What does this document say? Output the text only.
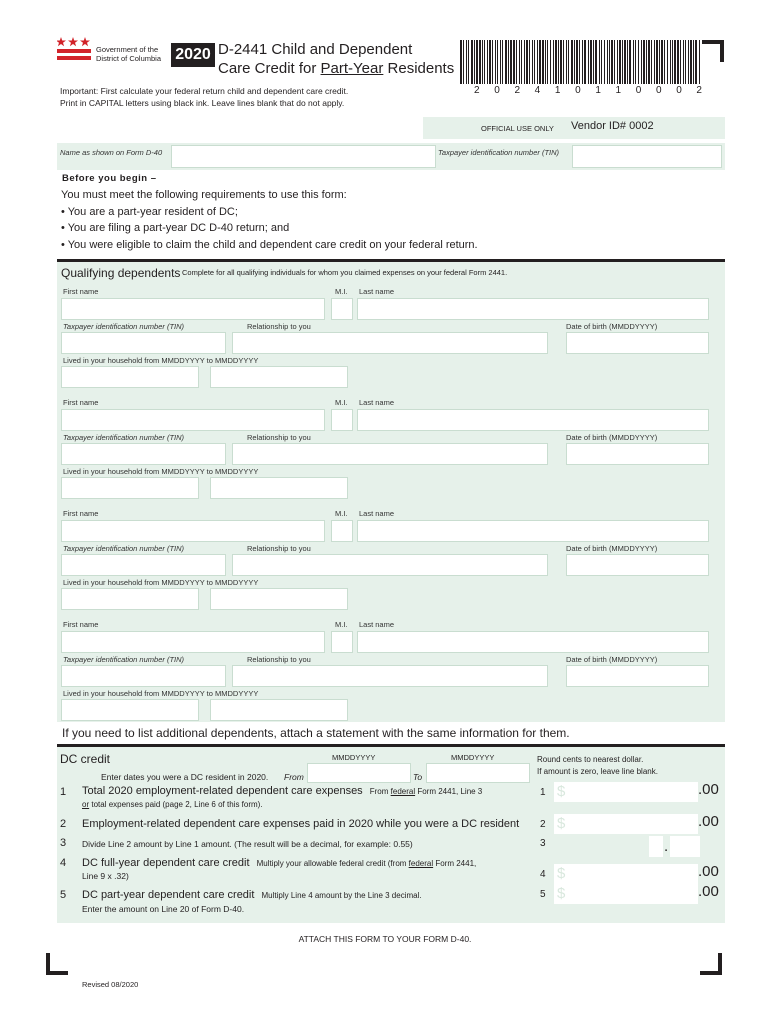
Government of the
District of Columbia 2020 D-2441 Child and Dependent
Care Credit for Part-Year Residents
Important: First calculate your federal return child and dependent care credit.
Print in CAPITAL letters using black ink. Leave lines blank that do not apply.
2 0 2 4 1 0 1 1 0 0 0 2
OFFICIAL USE ONLY Vendor ID# 0002
Name as shown on Form D-40	Taxpayer identification number (TIN)
Before you begin –
You must meet the following requirements to use this form:
• You are a part-year resident of DC;
• You are filing a part-year DC D-40 return; and
• You were eligible to claim the child and dependent care credit on your federal return.
Qualifying dependents Complete for all qualifying individuals for whom you claimed expenses on your federal Form 2441.
First name	M.I. Last name
Taxpayer identification number (TIN)	Relationship to you	Date of birth (MMDDYYYY)
Lived in your household from MMDDYYYY to MMDDYYYY
First name	M.I. Last name
Taxpayer identification number (TIN)	Relationship to you	Date of birth (MMDDYYYY)
Lived in your household from MMDDYYYY to MMDDYYYY
First name	M.I. Last name
Taxpayer identification number (TIN)	Relationship to you	Date of birth (MMDDYYYY)
Lived in your household from MMDDYYYY to MMDDYYYY
First name	M.I. Last name
Taxpayer identification number (TIN)	Relationship to you	Date of birth (MMDDYYYY)
Lived in your household from MMDDYYYY to MMDDYYYY
If you need to list additional dependents, attach a statement with the same information for them.
DC credit	MMDDYYYY	MMDDYYYY	Round cents to nearest dollar.
If amount is zero, leave line blank.
Enter dates you were a DC resident in 2020. From	To
1 Total 2020 employment-related dependent care expenses From federal Form 2441, Line 3
or total expenses paid (page 2, Line 6 of this form).
1 $	.00
2 Employment-related dependent care expenses paid in 2020 while you were a DC resident 2 $	.00
3 Divide Line 2 amount by Line 1 amount. (The result will be a decimal, for example: 0.55)	3	.
4 DC full-year dependent care credit Multiply your allowable federal credit (from federal Form 2441,
Line 9 x .32)	4 $	.00
5 DC part-year dependent care credit Multiply Line 4 amount by the Line 3 decimal.
Enter the amount on Line 20 of Form D-40.
5 $	.00
ATTACH THIS FORM TO YOUR FORM D-40.
Revised 08/2020
